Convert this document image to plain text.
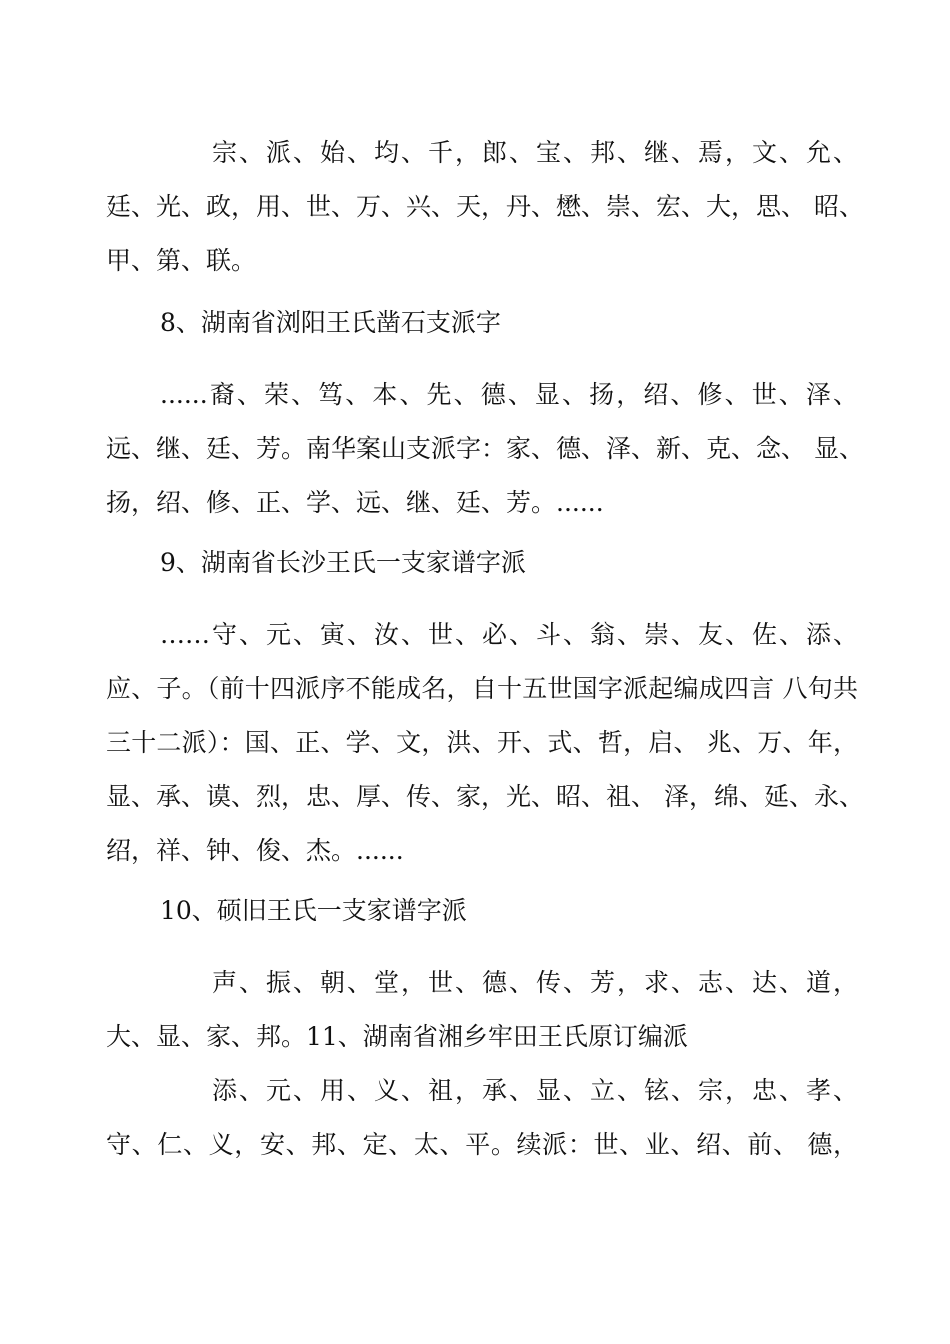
宗、派、始、均、千，郎、宝、邦、继、焉，文、允、
廷、光、政，用、世、万、兴、天，丹、懋、崇、宏、大，思、 昭、
甲、第、联。
8、湖南省浏阳王氏凿石支派字
......裔、荣、笃、本、先、德、显、扬，绍、修、世、泽、
远、继、廷、芳。南华案山支派字：家、德、泽、新、克、念、 显、
扬，绍、修、正、学、远、继、廷、芳。......
9、湖南省长沙王氏一支家谱字派
……守、元、寅、汝、世、必、斗、翁、崇、友、佐、添、
应、子。（前十四派序不能成名，自十五世国字派起编成四言 八句共
三十二派）：国、正、学、文，洪、开、式、哲，启、 兆、万、年，
显、承、谟、烈，忠、厚、传、家，光、昭、祖、 泽，绵、延、永、
绍，祥、钟、俊、杰。......
10、硕旧王氏一支家谱字派
声、振、朝、堂，世、德、传、芳，求、志、达、道，
大、显、家、邦。11、湖南省湘乡牢田王氏原订编派
添、元、用、义、祖，承、显、立、铉、宗，忠、孝、
守、仁、义，安、邦、定、太、平。续派：世、业、绍、前、 德，
